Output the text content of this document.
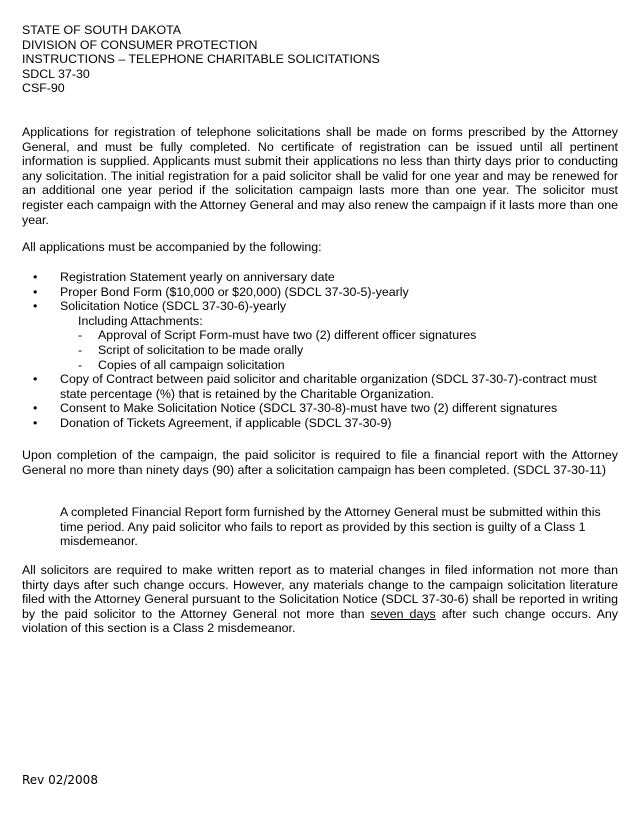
STATE OF SOUTH DAKOTA
DIVISION OF CONSUMER PROTECTION
INSTRUCTIONS – TELEPHONE CHARITABLE SOLICITATIONS
SDCL 37-30
CSF-90

Applications for registration of telephone solicitations shall be made on forms prescribed by the Attorney General, and must be fully completed. No certificate of registration can be issued until all pertinent information is supplied. Applicants must submit their applications no less than thirty days prior to conducting any solicitation. The initial registration for a paid solicitor shall be valid for one year and may be renewed for an additional one year period if the solicitation campaign lasts more than one year. The solicitor must register each campaign with the Attorney General and may also renew the campaign if it lasts more than one year.

All applications must be accompanied by the following:

• Registration Statement yearly on anniversary date
• Proper Bond Form ($10,000 or $20,000) (SDCL 37-30-5)-yearly
• Solicitation Notice (SDCL 37-30-6)-yearly
Including Attachments:
- Approval of Script Form-must have two (2) different officer signatures
- Script of solicitation to be made orally
- Copies of all campaign solicitation
• Copy of Contract between paid solicitor and charitable organization (SDCL 37-30-7)-contract must state percentage (%) that is retained by the Charitable Organization.
• Consent to Make Solicitation Notice (SDCL 37-30-8)-must have two (2) different signatures
• Donation of Tickets Agreement, if applicable (SDCL 37-30-9)

Upon completion of the campaign, the paid solicitor is required to file a financial report with the Attorney General no more than ninety days (90) after a solicitation campaign has been completed. (SDCL 37-30-11)

A completed Financial Report form furnished by the Attorney General must be submitted within this time period. Any paid solicitor who fails to report as provided by this section is guilty of a Class 1 misdemeanor.

All solicitors are required to make written report as to material changes in filed information not more than thirty days after such change occurs. However, any materials change to the campaign solicitation literature filed with the Attorney General pursuant to the Solicitation Notice (SDCL 37-30-6) shall be reported in writing by the paid solicitor to the Attorney General not more than seven days after such change occurs. Any violation of this section is a Class 2 misdemeanor.

Rev 02/2008
